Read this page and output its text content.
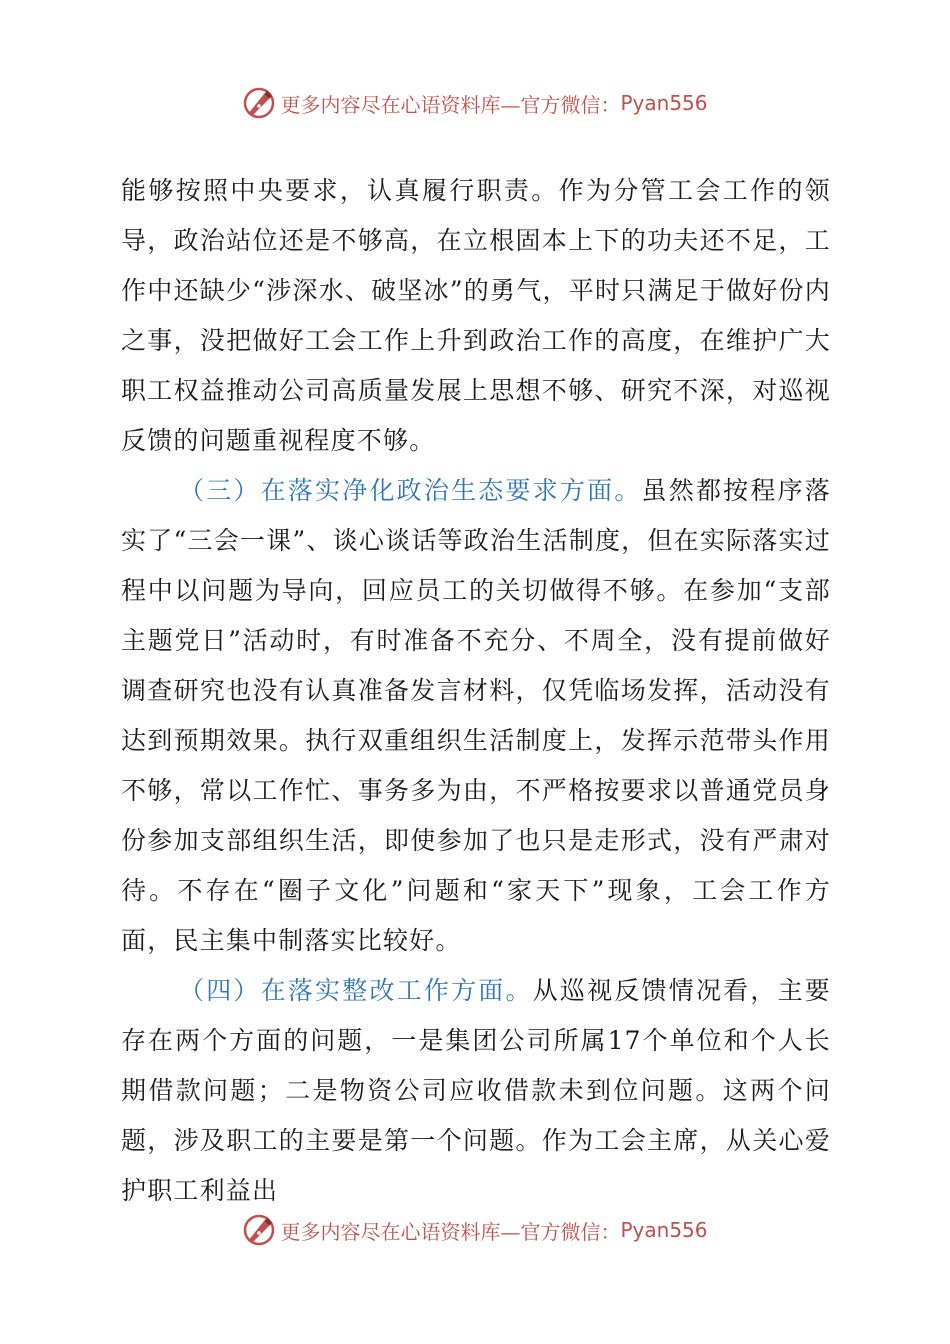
更多内容尽在心语资料库—官方微信： Pyan556

能够按照中央要求，认真履行职责。作为分管工会工作的领导，政治站位还是不够高，在立根固本上下的功夫还不足，工作中还缺少“涉深水、破坚冰”的勇气，平时只满足于做好份内之事，没把做好工会工作上升到政治工作的高度，在维护广大职工权益推动公司高质量发展上思想不够、研究不深，对巡视反馈的问题重视程度不够。

（三）在落实净化政治生态要求方面。虽然都按程序落实了“三会一课”、谈心谈话等政治生活制度，但在实际落实过程中以问题为导向，回应员工的关切做得不够。在参加“支部主题党日”活动时，有时准备不充分、不周全，没有提前做好调查研究也没有认真准备发言材料，仅凭临场发挥，活动没有达到预期效果。执行双重组织生活制度上，发挥示范带头作用不够，常以工作忙、事务多为由，不严格按要求以普通党员身份参加支部组织生活，即使参加了也只是走形式，没有严肃对待。不存在“圈子文化”问题和“家天下”现象，工会工作方面，民主集中制落实比较好。

（四）在落实整改工作方面。从巡视反馈情况看，主要存在两个方面的问题，一是集团公司所属17个单位和个人长期借款问题；二是物资公司应收借款未到位问题。这两个问题，涉及职工的主要是第一个问题。作为工会主席，从关心爱护职工利益出

更多内容尽在心语资料库—官方微信： Pyan556
